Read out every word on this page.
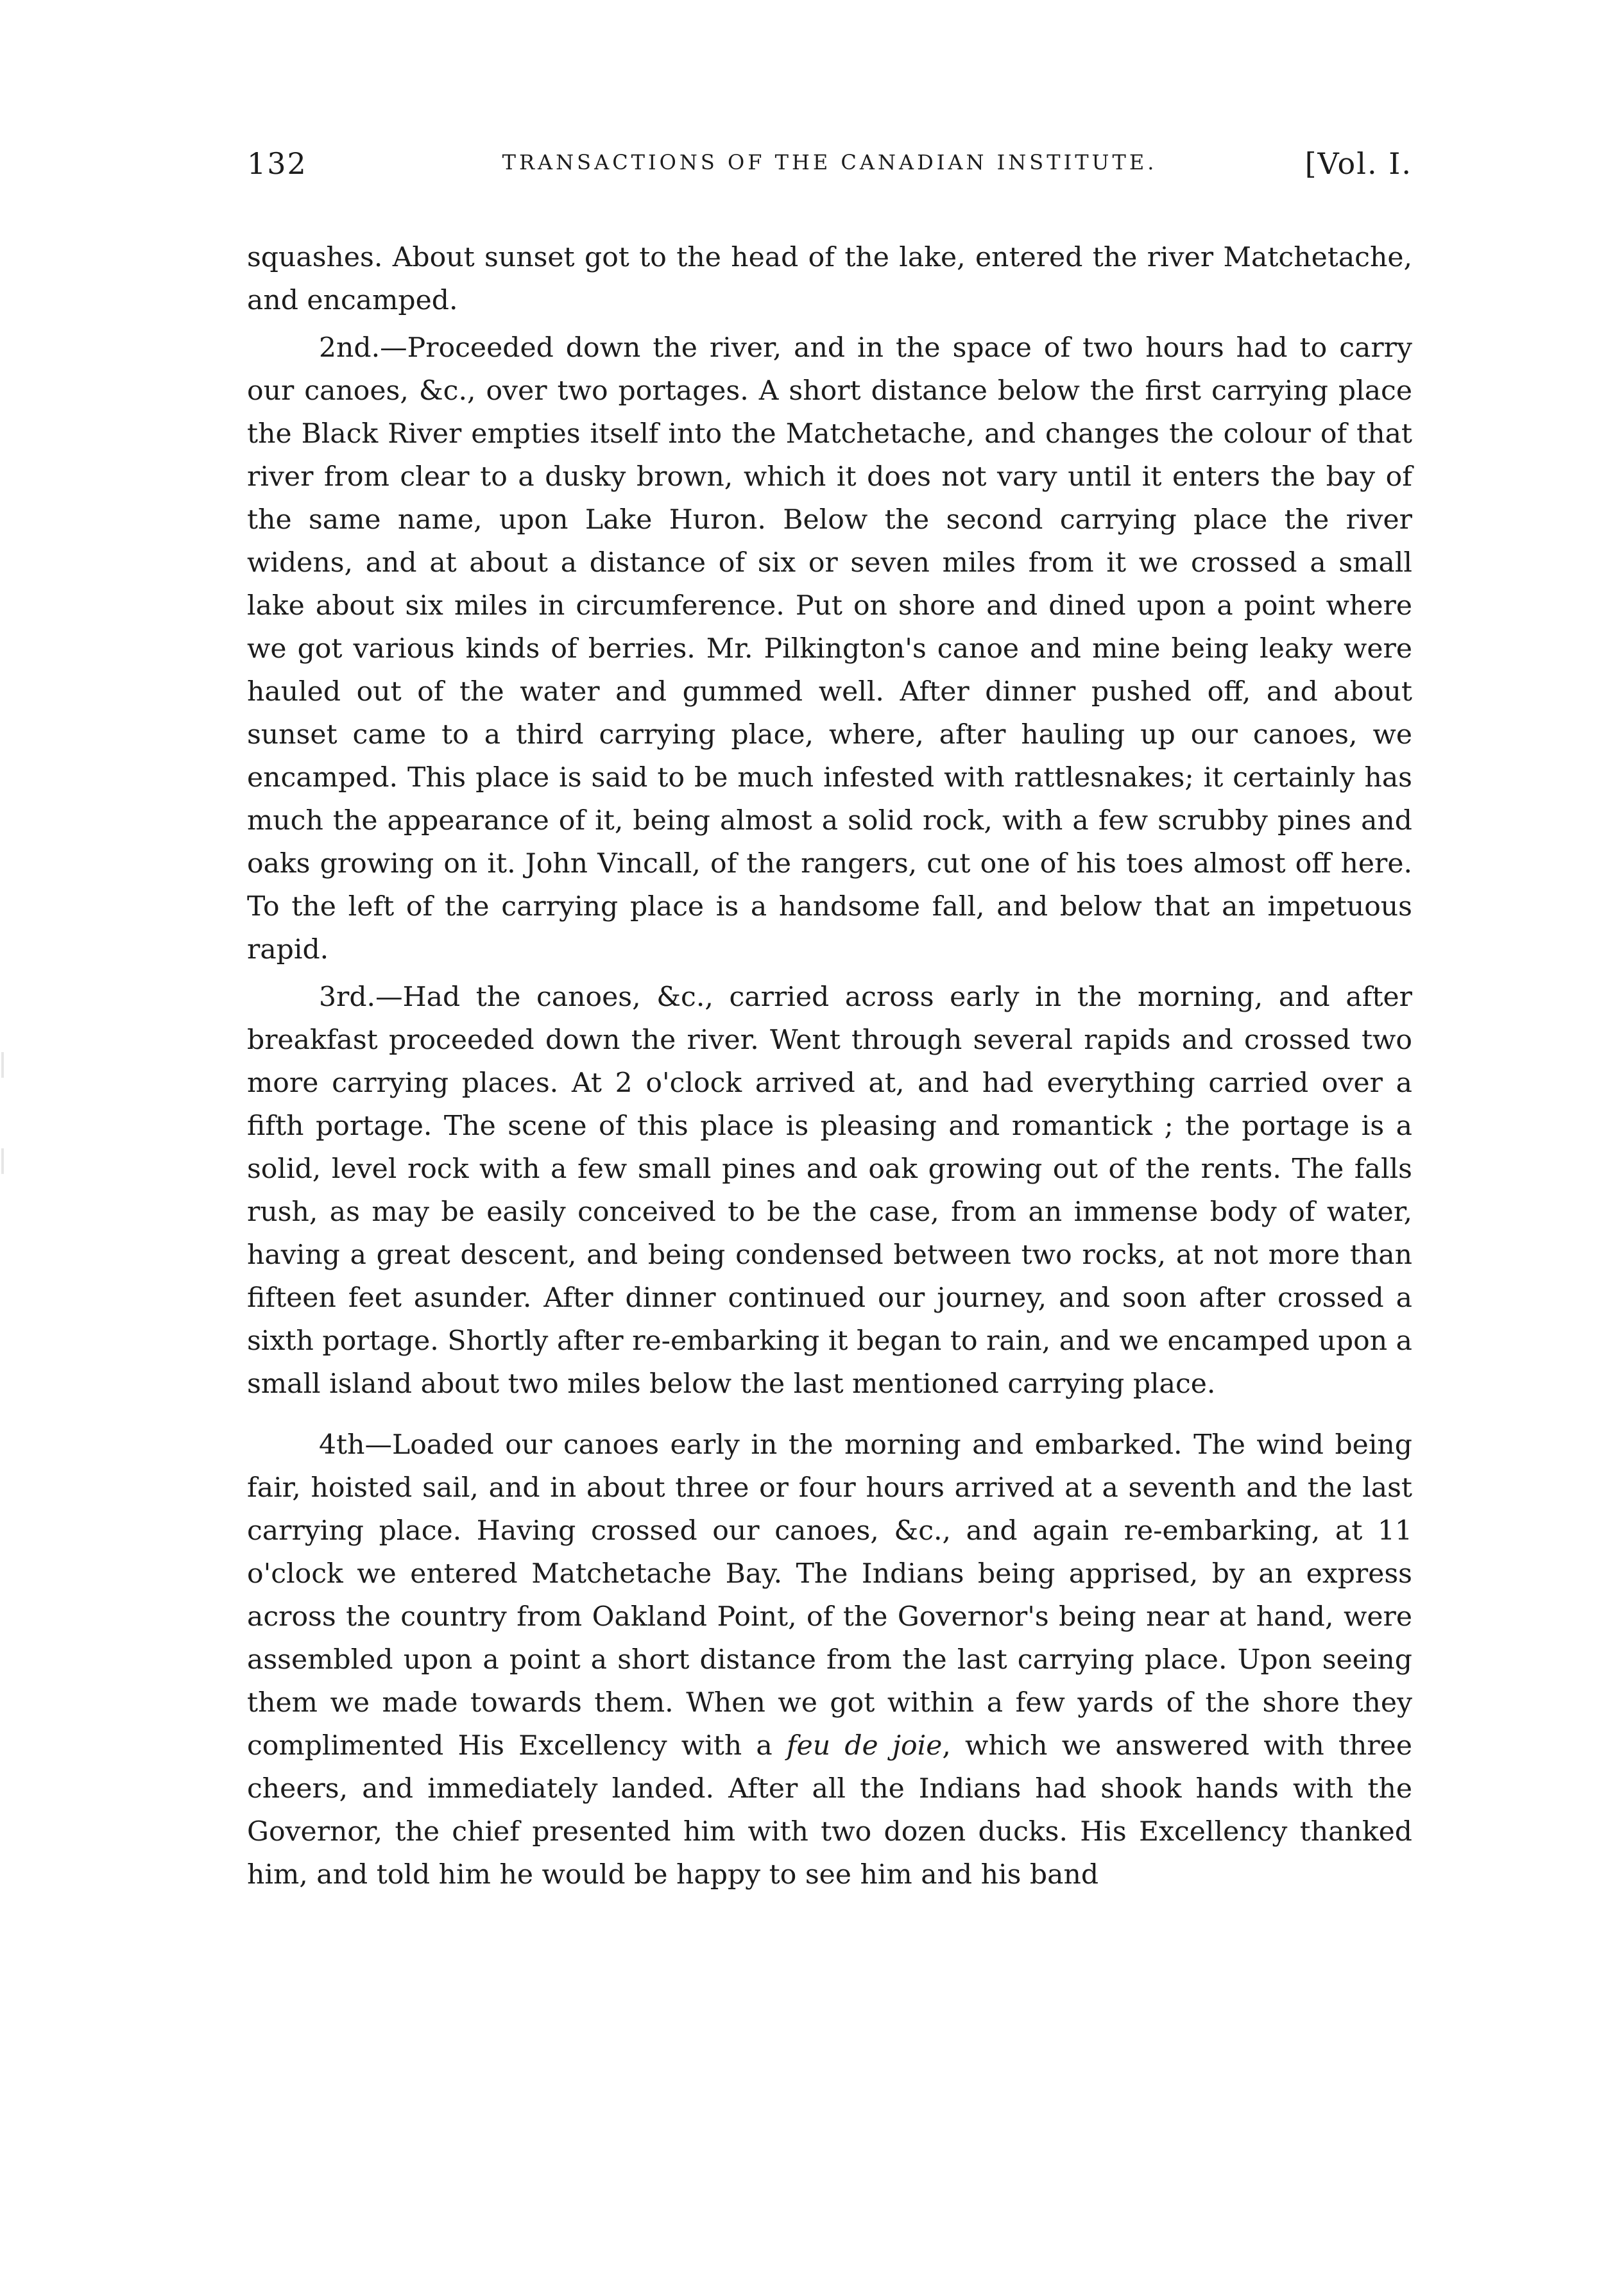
132	TRANSACTIONS OF THE CANADIAN INSTITUTE.	[Vol. I.

squashes. About sunset got to the head of the lake, entered the river Matchetache, and encamped.

2nd.—Proceeded down the river, and in the space of two hours had to carry our canoes, &c., over two portages. A short distance below the first carrying place the Black River empties itself into the Matchetache, and changes the colour of that river from clear to a dusky brown, which it does not vary until it enters the bay of the same name, upon Lake Huron. Below the second carrying place the river widens, and at about a distance of six or seven miles from it we crossed a small lake about six miles in circumference. Put on shore and dined upon a point where we got various kinds of berries. Mr. Pilkington's canoe and mine being leaky were hauled out of the water and gummed well. After dinner pushed off, and about sunset came to a third carrying place, where, after hauling up our canoes, we encamped. This place is said to be much infested with rattlesnakes; it certainly has much the appearance of it, being almost a solid rock, with a few scrubby pines and oaks growing on it. John Vincall, of the rangers, cut one of his toes almost off here. To the left of the carrying place is a handsome fall, and below that an impetuous rapid.

3rd.—Had the canoes, &c., carried across early in the morning, and after breakfast proceeded down the river. Went through several rapids and crossed two more carrying places. At 2 o'clock arrived at, and had everything carried over a fifth portage. The scene of this place is pleasing and romantick ; the portage is a solid, level rock with a few small pines and oak growing out of the rents. The falls rush, as may be easily conceived to be the case, from an immense body of water, having a great descent, and being condensed between two rocks, at not more than fifteen feet asunder. After dinner continued our journey, and soon after crossed a sixth portage. Shortly after re-embarking it began to rain, and we encamped upon a small island about two miles below the last mentioned carrying place.

4th—Loaded our canoes early in the morning and embarked. The wind being fair, hoisted sail, and in about three or four hours arrived at a seventh and the last carrying place. Having crossed our canoes, &c., and again re-embarking, at 11 o'clock we entered Matchetache Bay. The Indians being apprised, by an express across the country from Oakland Point, of the Governor's being near at hand, were assembled upon a point a short distance from the last carrying place. Upon seeing them we made towards them. When we got within a few yards of the shore they complimented His Excellency with a feu de joie, which we answered with three cheers, and immediately landed. After all the Indians had shook hands with the Governor, the chief presented him with two dozen ducks. His Excellency thanked him, and told him he would be happy to see him and his band
